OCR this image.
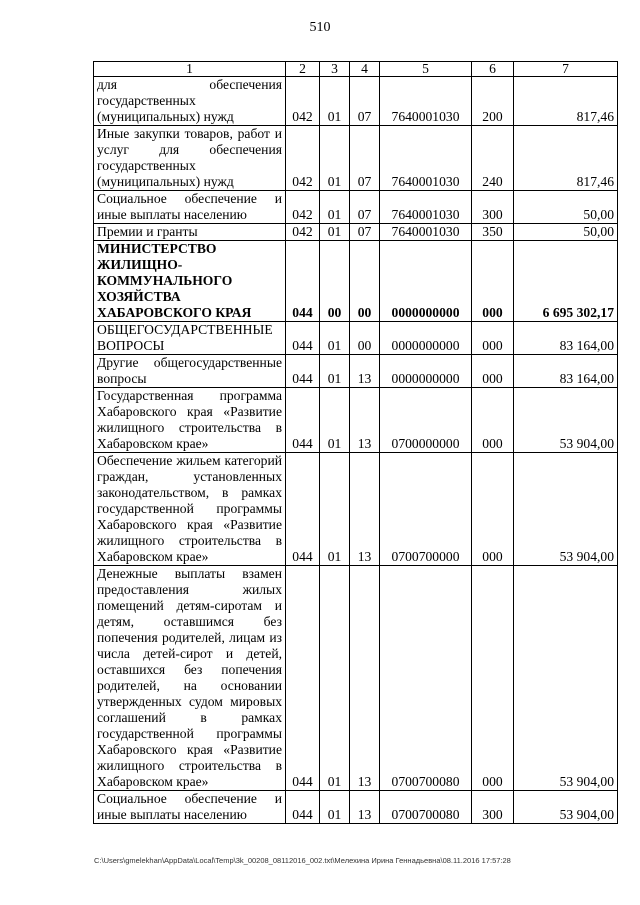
510
1	2	3	4	5	6	7
для обеспечения государственных (муниципальных) нужд	042	01	07	7640001030	200	817,46
Иные закупки товаров, работ и услуг для обеспечения государственных (муниципальных) нужд	042	01	07	7640001030	240	817,46
Социальное обеспечение и иные выплаты населению	042	01	07	7640001030	300	50,00
Премии и гранты	042	01	07	7640001030	350	50,00
МИНИСТЕРСТВО ЖИЛИЩНО-КОММУНАЛЬНОГО ХОЗЯЙСТВА ХАБАРОВСКОГО КРАЯ	044	00	00	0000000000	000	6 695 302,17
ОБЩЕГОСУДАРСТВЕННЫЕ ВОПРОСЫ	044	01	00	0000000000	000	83 164,00
Другие общегосударственные вопросы	044	01	13	0000000000	000	83 164,00
Государственная программа Хабаровского края «Развитие жилищного строительства в Хабаровском крае»	044	01	13	0700000000	000	53 904,00
Обеспечение жильем категорий граждан, установленных законодательством, в рамках государственной программы Хабаровского края «Развитие жилищного строительства в Хабаровском крае»	044	01	13	0700700000	000	53 904,00
Денежные выплаты взамен предоставления жилых помещений детям-сиротам и детям, оставшимся без попечения родителей, лицам из числа детей-сирот и детей, оставшихся без попечения родителей, на основании утвержденных судом мировых соглашений в рамках государственной программы Хабаровского края «Развитие жилищного строительства в Хабаровском крае»	044	01	13	0700700080	000	53 904,00
Социальное обеспечение и иные выплаты населению	044	01	13	0700700080	300	53 904,00
C:\Users\gmelekhan\AppData\Local\Temp\3k_00208_08112016_002.txt\Мелехина Ирина Геннадьевна\08.11.2016 17:57:28
